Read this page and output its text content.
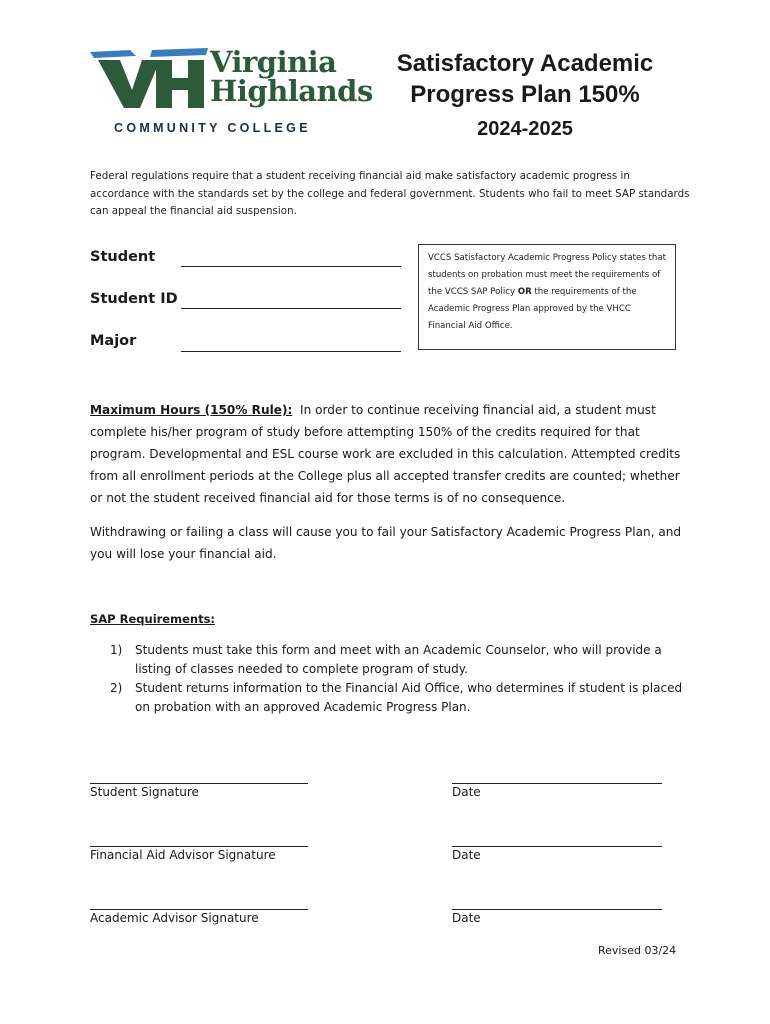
Virginia
Highlands
COMMUNITY COLLEGE
Satisfactory Academic
Progress Plan 150%
2024-2025
Federal regulations require that a student receiving financial aid make satisfactory academic progress in accordance with the standards set by the college and federal government. Students who fail to meet SAP standards can appeal the financial aid suspension.
Student
Student ID
Major
VCCS Satisfactory Academic Progress Policy states that students on probation must meet the requirements of the VCCS SAP Policy OR the requirements of the Academic Progress Plan approved by the VHCC Financial Aid Office.
Maximum Hours (150% Rule): In order to continue receiving financial aid, a student must complete his/her program of study before attempting 150% of the credits required for that program. Developmental and ESL course work are excluded in this calculation. Attempted credits from all enrollment periods at the College plus all accepted transfer credits are counted; whether or not the student received financial aid for those terms is of no consequence.
Withdrawing or failing a class will cause you to fail your Satisfactory Academic Progress Plan, and you will lose your financial aid.
SAP Requirements:
1) Students must take this form and meet with an Academic Counselor, who will provide a listing of classes needed to complete program of study.
2) Student returns information to the Financial Aid Office, who determines if student is placed on probation with an approved Academic Progress Plan.
Student Signature	Date
Financial Aid Advisor Signature	Date
Academic Advisor Signature	Date
Revised 03/24
